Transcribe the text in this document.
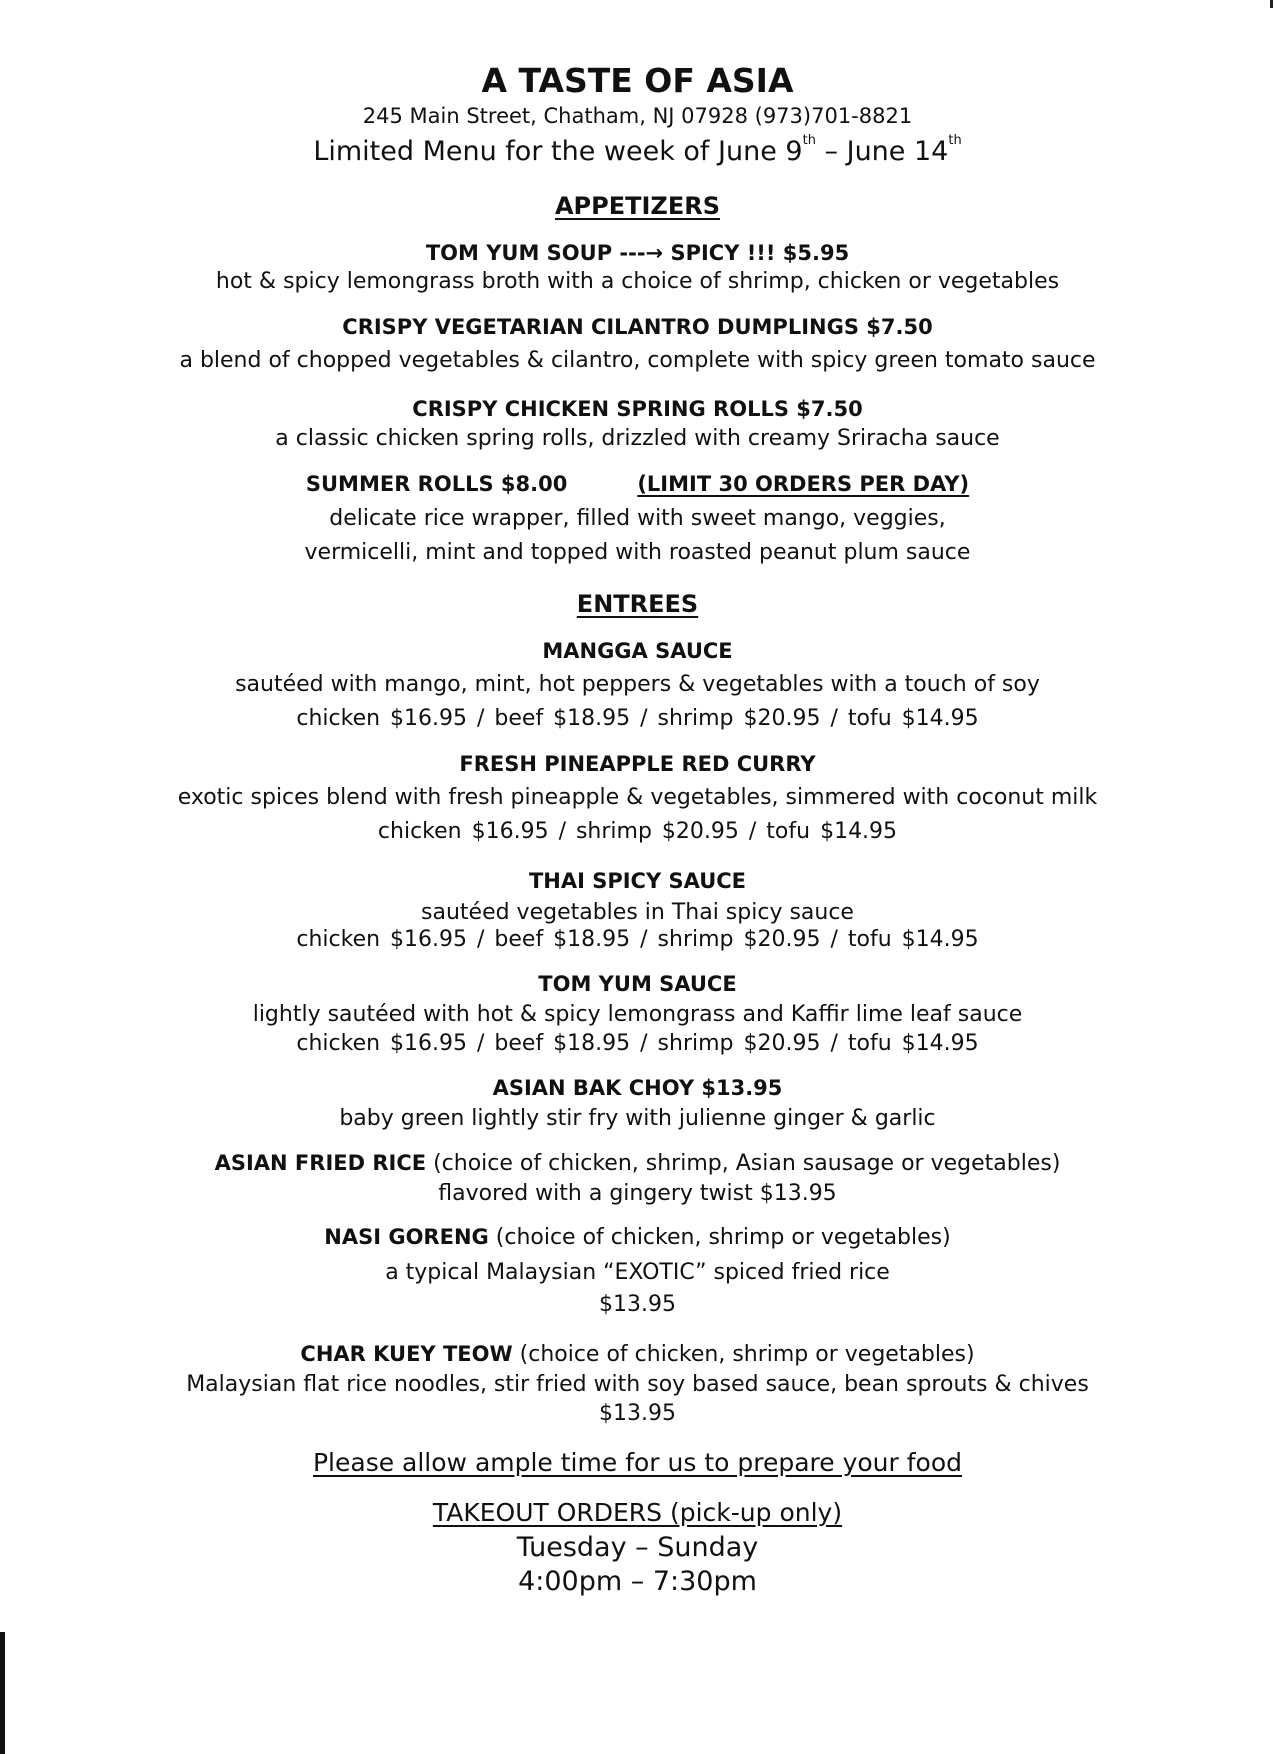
A TASTE OF ASIA
245 Main Street, Chatham, NJ 07928 (973)701-8821
Limited Menu for the week of June 9th – June 14th
APPETIZERS
TOM YUM SOUP ---→ SPICY !!! $5.95
hot & spicy lemongrass broth with a choice of shrimp, chicken or vegetables
CRISPY VEGETARIAN CILANTRO DUMPLINGS $7.50
a blend of chopped vegetables & cilantro, complete with spicy green tomato sauce
CRISPY CHICKEN SPRING ROLLS $7.50
a classic chicken spring rolls, drizzled with creamy Sriracha sauce
SUMMER ROLLS $8.00	(LIMIT 30 ORDERS PER DAY)
delicate rice wrapper, filled with sweet mango, veggies,
vermicelli, mint and topped with roasted peanut plum sauce
ENTREES
MANGGA SAUCE
sautéed with mango, mint, hot peppers & vegetables with a touch of soy
chicken $16.95 / beef $18.95 / shrimp $20.95 / tofu $14.95
FRESH PINEAPPLE RED CURRY
exotic spices blend with fresh pineapple & vegetables, simmered with coconut milk
chicken $16.95 / shrimp $20.95 / tofu $14.95
THAI SPICY SAUCE
sautéed vegetables in Thai spicy sauce
chicken $16.95 / beef $18.95 / shrimp $20.95 / tofu $14.95
TOM YUM SAUCE
lightly sautéed with hot & spicy lemongrass and Kaffir lime leaf sauce
chicken $16.95 / beef $18.95 / shrimp $20.95 / tofu $14.95
ASIAN BAK CHOY $13.95
baby green lightly stir fry with julienne ginger & garlic
ASIAN FRIED RICE (choice of chicken, shrimp, Asian sausage or vegetables)
flavored with a gingery twist $13.95
NASI GORENG (choice of chicken, shrimp or vegetables)
a typical Malaysian “EXOTIC” spiced fried rice
$13.95
CHAR KUEY TEOW (choice of chicken, shrimp or vegetables)
Malaysian flat rice noodles, stir fried with soy based sauce, bean sprouts & chives
$13.95
Please allow ample time for us to prepare your food
TAKEOUT ORDERS (pick-up only)
Tuesday – Sunday
4:00pm – 7:30pm
